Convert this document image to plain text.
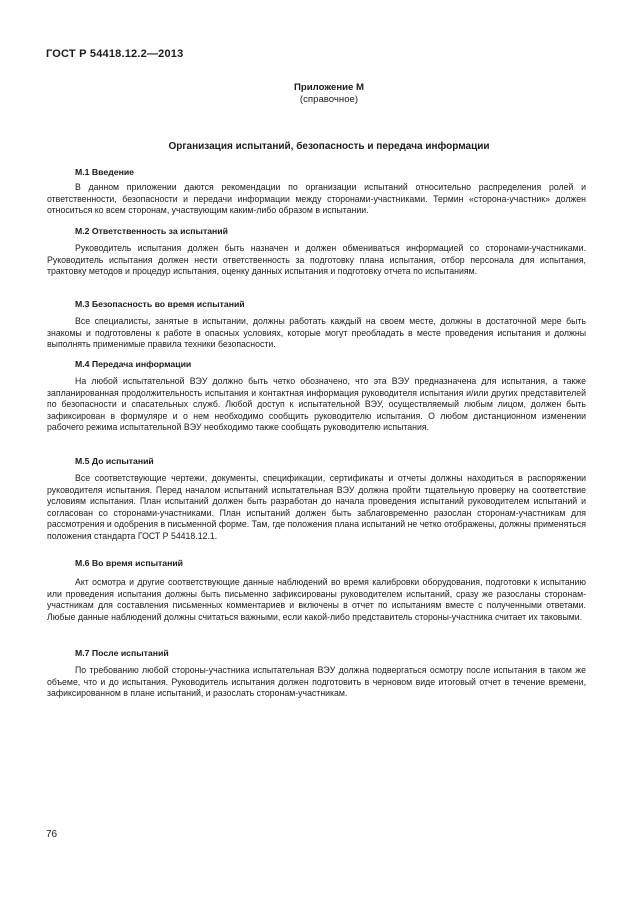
ГОСТ Р 54418.12.2—2013
Приложение М
(справочное)
Организация испытаний, безопасность и передача информации
М.1 Введение
В данном приложении даются рекомендации по организации испытаний относительно распределения ролей и ответственности, безопасности и передачи информации между сторонами-участниками. Термин «сторона-участник» должен относиться ко всем сторонам, участвующим каким-либо образом в испытании.
М.2 Ответственность за испытаний
Руководитель испытания должен быть назначен и должен обмениваться информацией со сторонами-участниками. Руководитель испытания должен нести ответственность за подготовку плана испытания, отбор персонала для испытания, трактовку методов и процедур испытания, оценку данных испытания и подготовку отчета по испытаниям.
М.3 Безопасность во время испытаний
Все специалисты, занятые в испытании, должны работать каждый на своем месте, должны в достаточной мере быть знакомы и подготовлены к работе в опасных условиях, которые могут преобладать в месте проведения испытания и должны выполнять применимые правила техники безопасности.
М.4 Передача информации
На любой испытательной ВЭУ должно быть четко обозначено, что эта ВЭУ предназначена для испытания, а также запланированная продолжительность испытания и контактная информация руководителя испытания и/или других представителей по безопасности и спасательных служб. Любой доступ к испытательной ВЭУ, осуществляемый любым лицом, должен быть зафиксирован в формуляре и о нем необходимо сообщить руководителю испытания. О любом дистанционном изменении рабочего режима испытательной ВЭУ необходимо также сообщать руководителю испытания.
М.5 До испытаний
Все соответствующие чертежи, документы, спецификации, сертификаты и отчеты должны находиться в распоряжении руководителя испытания. Перед началом испытаний испытательная ВЭУ должна пройти тщательную проверку на соответствие условиям испытания. План испытаний должен быть разработан до начала проведения испытаний руководителем испытаний и согласован со сторонами-участниками. План испытаний должен быть заблаговременно разослан сторонам-участникам для рассмотрения и одобрения в письменной форме. Там, где положения плана испытаний не четко отображены, должны применяться положения стандарта ГОСТ Р 54418.12.1.
М.6 Во время испытаний
Акт осмотра и другие соответствующие данные наблюдений во время калибровки оборудования, подготовки к испытанию или проведения испытания должны быть письменно зафиксированы руководителем испытаний, сразу же разосланы сторонам-участникам для составления письменных комментариев и включены в отчет по испытаниям вместе с полученными ответами. Любые данные наблюдений должны считаться важными, если какой-либо представитель стороны-участника считает их таковыми.
М.7 После испытаний
По требованию любой стороны-участника испытательная ВЭУ должна подвергаться осмотру после испытания в таком же объеме, что и до испытания. Руководитель испытания должен подготовить в черновом виде итоговый отчет в течение времени, зафиксированном в плане испытаний, и разослать сторонам-участникам.
76
